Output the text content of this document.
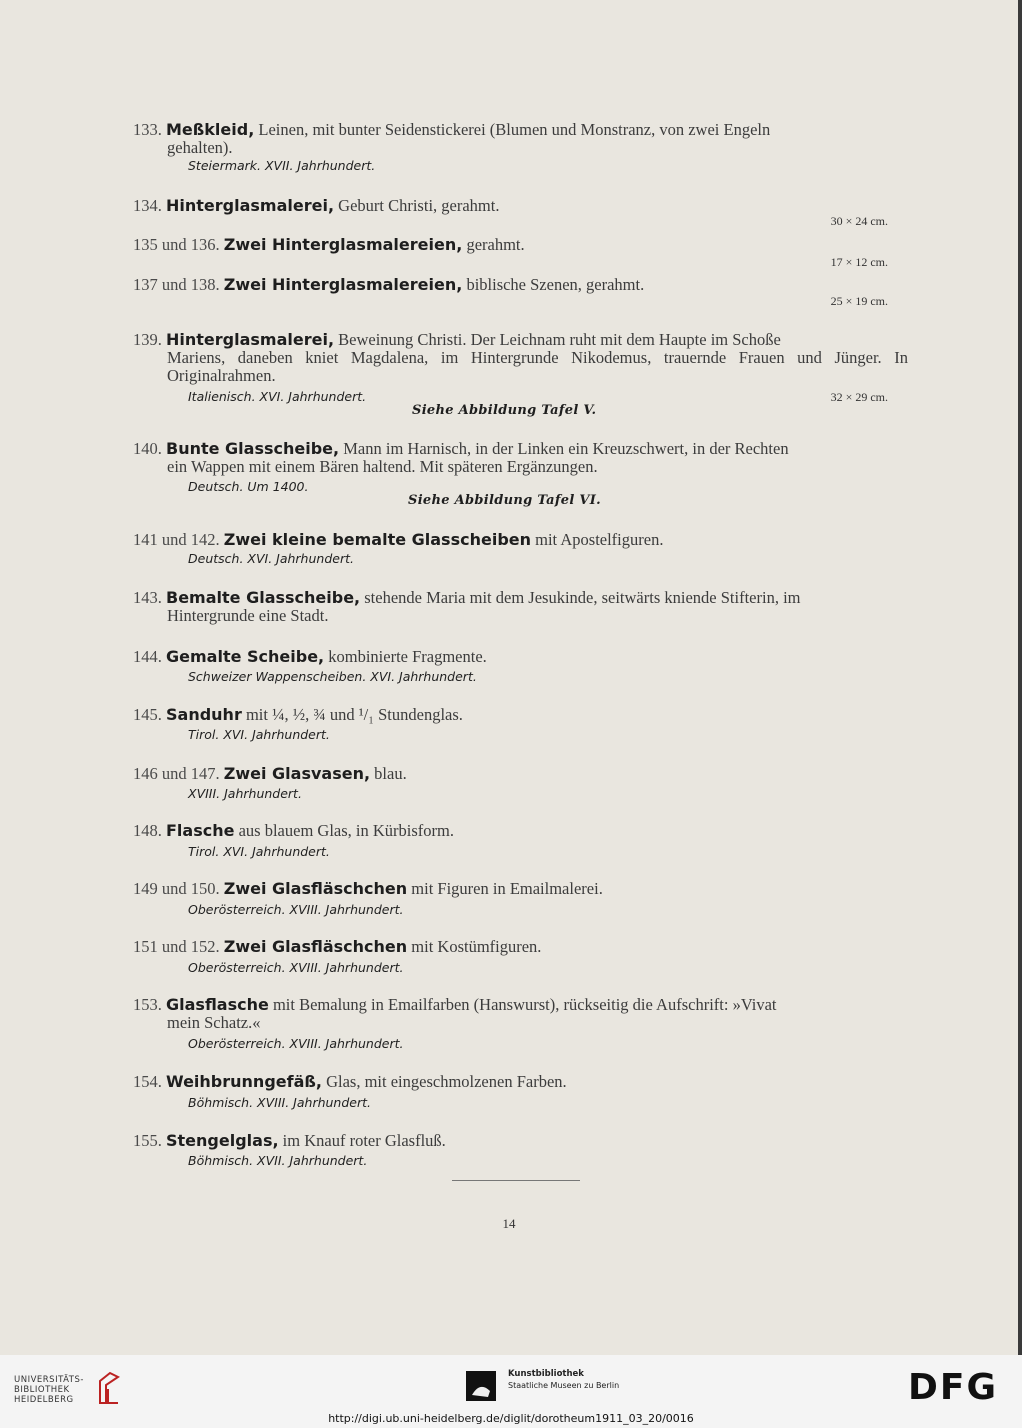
133. Meßkleid, Leinen, mit bunter Seidenstickerei (Blumen und Monstranz, von zwei Engeln
gehalten).
Steiermark. XVII. Jahrhundert.
134. Hinterglasmalerei, Geburt Christi, gerahmt.
30 × 24 cm.
135 und 136. Zwei Hinterglasmalereien, gerahmt.
17 × 12 cm.
137 und 138. Zwei Hinterglasmalereien, biblische Szenen, gerahmt.
25 × 19 cm.
139. Hinterglasmalerei, Beweinung Christi. Der Leichnam ruht mit dem Haupte im Schoße
Mariens, daneben kniet Magdalena, im Hintergrunde Nikodemus, trauernde Frauen und Jünger. In Originalrahmen.
Italienisch. XVI. Jahrhundert.	32 × 29 cm.
Siehe Abbildung Tafel V.
140. Bunte Glasscheibe, Mann im Harnisch, in der Linken ein Kreuzschwert, in der Rechten
ein Wappen mit einem Bären haltend. Mit späteren Ergänzungen.
Deutsch. Um 1400.
Siehe Abbildung Tafel VI.
141 und 142. Zwei kleine bemalte Glasscheiben mit Apostelfiguren.
Deutsch. XVI. Jahrhundert.
143. Bemalte Glasscheibe, stehende Maria mit dem Jesukinde, seitwärts kniende Stifterin, im
Hintergrunde eine Stadt.
144. Gemalte Scheibe, kombinierte Fragmente.
Schweizer Wappenscheiben. XVI. Jahrhundert.
145. Sanduhr mit ¼, ½, ¾ und ¹/₁ Stundenglas.
Tirol. XVI. Jahrhundert.
146 und 147. Zwei Glasvasen, blau.
XVIII. Jahrhundert.
148. Flasche aus blauem Glas, in Kürbisform.
Tirol. XVI. Jahrhundert.
149 und 150. Zwei Glasfläschchen mit Figuren in Emailmalerei.
Oberösterreich. XVIII. Jahrhundert.
151 und 152. Zwei Glasfläschchen mit Kostümfiguren.
Oberösterreich. XVIII. Jahrhundert.
153. Glasflasche mit Bemalung in Emailfarben (Hanswurst), rückseitig die Aufschrift: »Vivat
mein Schatz.«
Oberösterreich. XVIII. Jahrhundert.
154. Weihbrunngefäß, Glas, mit eingeschmolzenen Farben.
Böhmisch. XVIII. Jahrhundert.
155. Stengelglas, im Knauf roter Glasfluß.
Böhmisch. XVII. Jahrhundert.
14
UNIVERSITÄTS-
BIBLIOTHEK
HEIDELBERG
Kunstbibliothek
Staatliche Museen zu Berlin	DFG
http://digi.ub.uni-heidelberg.de/diglit/dorotheum1911_03_20/0016
